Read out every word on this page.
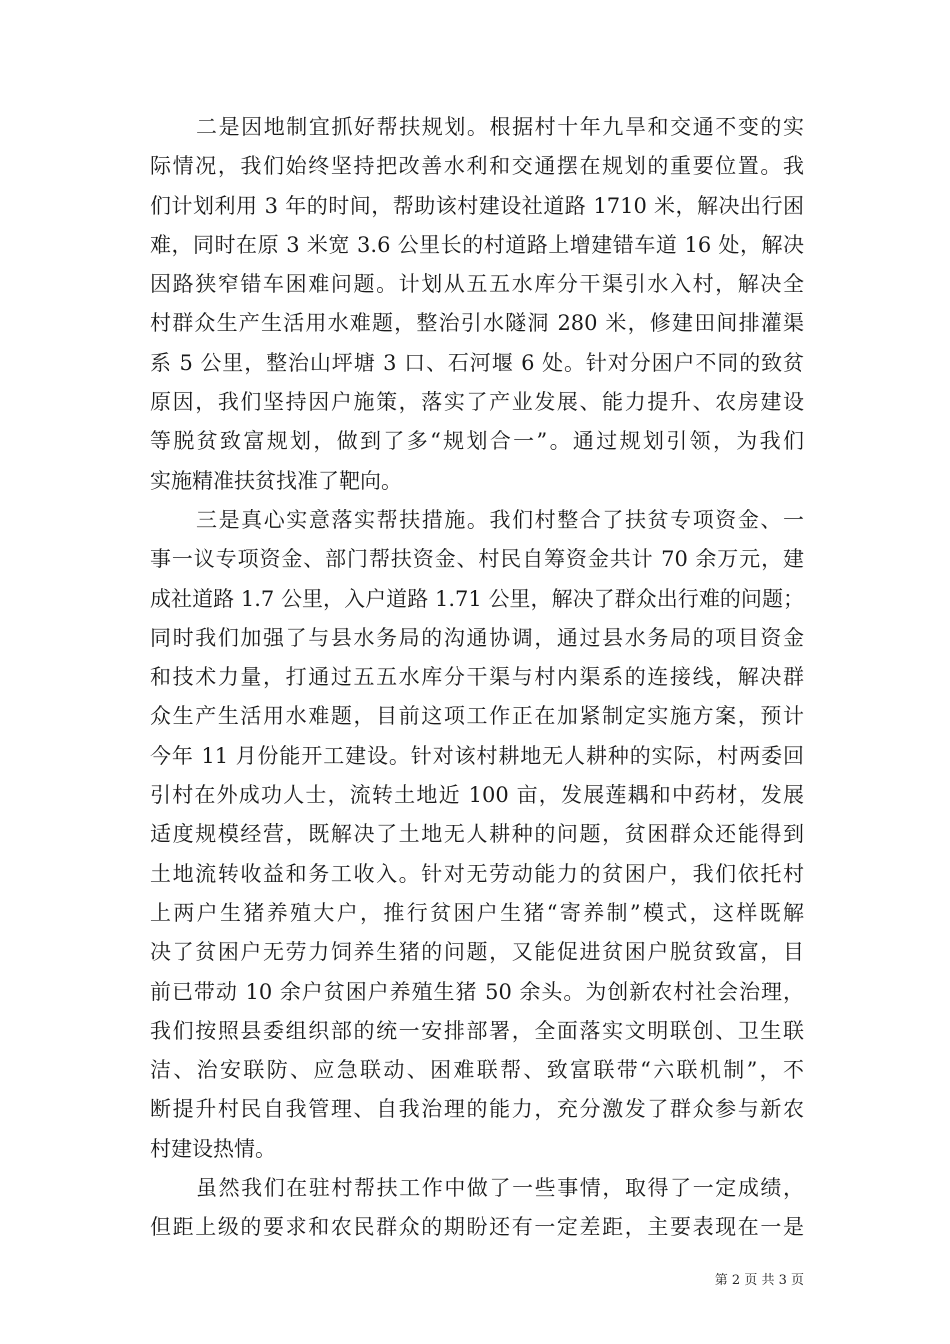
二是因地制宜抓好帮扶规划。根据村十年九旱和交通不变的实
际情况，我们始终坚持把改善水利和交通摆在规划的重要位置。我
们计划利用 3 年的时间，帮助该村建设社道路 1710 米，解决出行困
难，同时在原 3 米宽 3.6 公里长的村道路上增建错车道 16 处，解决
因路狭窄错车困难问题。计划从五五水库分干渠引水入村，解决全
村群众生产生活用水难题，整治引水隧洞 280 米，修建田间排灌渠
系 5 公里，整治山坪塘 3 口、石河堰 6 处。针对分困户不同的致贫
原因，我们坚持因户施策，落实了产业发展、能力提升、农房建设
等脱贫致富规划，做到了多“规划合一”。通过规划引领，为我们
实施精准扶贫找准了靶向。
三是真心实意落实帮扶措施。我们村整合了扶贫专项资金、一
事一议专项资金、部门帮扶资金、村民自筹资金共计 70 余万元，建
成社道路 1.7 公里，入户道路 1.71 公里，解决了群众出行难的问题；
同时我们加强了与县水务局的沟通协调，通过县水务局的项目资金
和技术力量，打通过五五水库分干渠与村内渠系的连接线，解决群
众生产生活用水难题，目前这项工作正在加紧制定实施方案，预计
今年 11 月份能开工建设。针对该村耕地无人耕种的实际，村两委回
引村在外成功人士，流转土地近 100 亩，发展莲耦和中药材，发展
适度规模经营，既解决了土地无人耕种的问题，贫困群众还能得到
土地流转收益和务工收入。针对无劳动能力的贫困户，我们依托村
上两户生猪养殖大户，推行贫困户生猪“寄养制”模式，这样既解
决了贫困户无劳力饲养生猪的问题，又能促进贫困户脱贫致富，目
前已带动 10 余户贫困户养殖生猪 50 余头。为创新农村社会治理，
我们按照县委组织部的统一安排部署，全面落实文明联创、卫生联
洁、治安联防、应急联动、困难联帮、致富联带“六联机制”，不
断提升村民自我管理、自我治理的能力，充分激发了群众参与新农
村建设热情。
虽然我们在驻村帮扶工作中做了一些事情，取得了一定成绩，
但距上级的要求和农民群众的期盼还有一定差距，主要表现在一是
第 2 页 共 3 页
